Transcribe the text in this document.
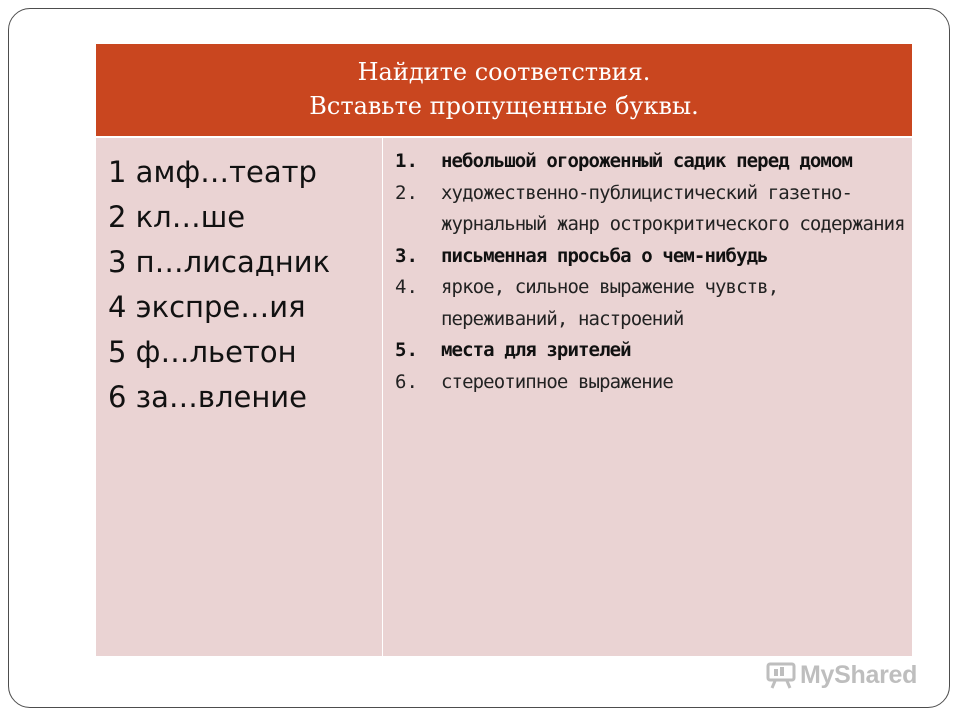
Найдите соответствия.
Вставьте пропущенные буквы.
1 амф…театр
2 кл…ше
3 п…лисадник
4 экспре…ия
5 ф…льетон
6 за…вление
1.	небольшой огороженный садик перед домом
2.	художественно-публицистический газетно-журнальный жанр острокритического содержания
3.	письменная просьба о чем-нибудь
4.	яркое, сильное выражение чувств, переживаний, настроений
5.	места для зрителей
6.	стереотипное выражение
MyShared
